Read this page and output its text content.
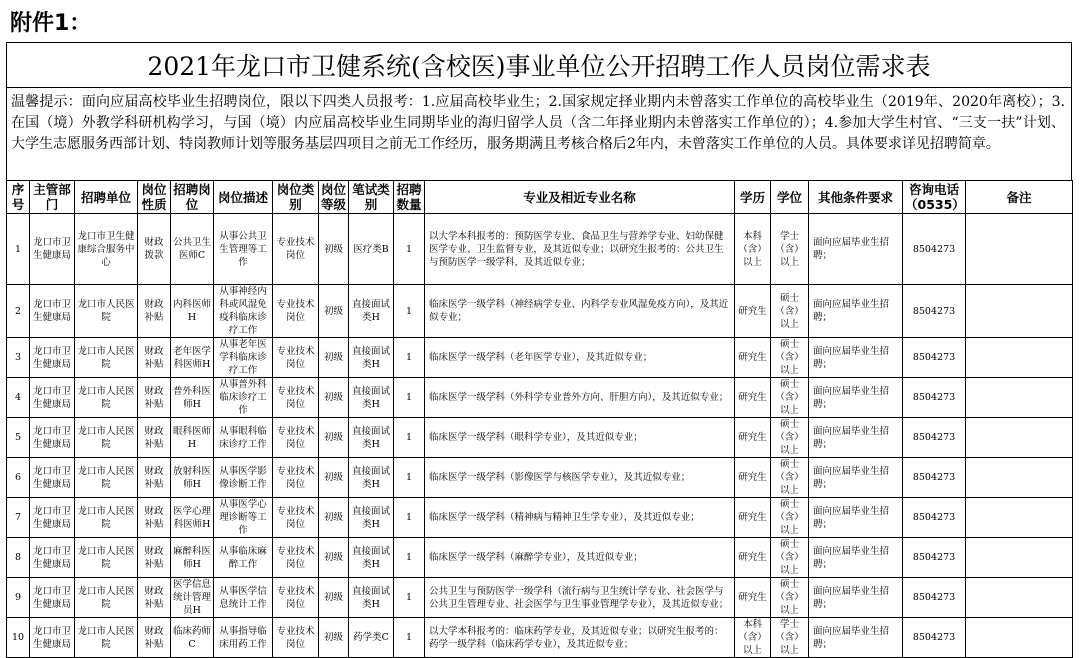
附件1：
2021年龙口市卫健系统(含校医)事业单位公开招聘工作人员岗位需求表
温馨提示：面向应届高校毕业生招聘岗位，限以下四类人员报考：1.应届高校毕业生；2.国家规定择业期内未曾落实工作单位的高校毕业生（2019年、2020年离校）；3.在国（境）外教学科研机构学习，与国（境）内应届高校毕业生同期毕业的海归留学人员（含二年择业期内未曾落实工作单位的）；4.参加大学生村官、“三支一扶”计划、大学生志愿服务西部计划、特岗教师计划等服务基层四项目之前无工作经历，服务期满且考核合格后2年内，未曾落实工作单位的人员。具体要求详见招聘简章。
序号	主管部门	招聘单位	岗位性质	招聘岗位	岗位描述	岗位类别	岗位等级	笔试类别	招聘数量	专业及相近专业名称	学历	学位	其他条件要求	咨询电话（0535）	备注
1	龙口市卫生健康局	龙口市卫生健康综合服务中心	财政拨款	公共卫生医师C	从事公共卫生管理等工作	专业技术岗位	初级	医疗类B	1	以大学本科报考的：预防医学专业、食品卫生与营养学专业、妇幼保健医学专业、卫生监督专业，及其近似专业；以研究生报考的：公共卫生与预防医学一级学科，及其近似专业；	本科（含）以上	学士（含）以上	面向应届毕业生招聘；	8504273	
2	龙口市卫生健康局	龙口市人民医院	财政补贴	内科医师H	从事神经内科或风湿免疫科临床诊疗工作	专业技术岗位	初级	直接面试类H	1	临床医学一级学科（神经病学专业、内科学专业风湿免疫方向），及其近似专业；	研究生	硕士（含）以上	面向应届毕业生招聘；	8504273	
3	龙口市卫生健康局	龙口市人民医院	财政补贴	老年医学科医师H	从事老年医学科临床诊疗工作	专业技术岗位	初级	直接面试类H	1	临床医学一级学科（老年医学专业），及其近似专业；	研究生	硕士（含）以上	面向应届毕业生招聘；	8504273	
4	龙口市卫生健康局	龙口市人民医院	财政补贴	普外科医师H	从事普外科临床诊疗工作	专业技术岗位	初级	直接面试类H	1	临床医学一级学科（外科学专业普外方向、肝胆方向），及其近似专业；	研究生	硕士（含）以上	面向应届毕业生招聘；	8504273	
5	龙口市卫生健康局	龙口市人民医院	财政补贴	眼科医师H	从事眼科临床诊疗工作	专业技术岗位	初级	直接面试类H	1	临床医学一级学科（眼科学专业），及其近似专业；	研究生	硕士（含）以上	面向应届毕业生招聘；	8504273	
6	龙口市卫生健康局	龙口市人民医院	财政补贴	放射科医师H	从事医学影像诊断工作	专业技术岗位	初级	直接面试类H	1	临床医学一级学科（影像医学与核医学专业），及其近似专业；	研究生	硕士（含）以上	面向应届毕业生招聘；	8504273	
7	龙口市卫生健康局	龙口市人民医院	财政补贴	医学心理科医师H	从事医学心理诊断等工作	专业技术岗位	初级	直接面试类H	1	临床医学一级学科（精神病与精神卫生学专业），及其近似专业；	研究生	硕士（含）以上	面向应届毕业生招聘；	8504273	
8	龙口市卫生健康局	龙口市人民医院	财政补贴	麻醉科医师H	从事临床麻醉工作	专业技术岗位	初级	直接面试类H	1	临床医学一级学科（麻醉学专业），及其近似专业；	研究生	硕士（含）以上	面向应届毕业生招聘；	8504273	
9	龙口市卫生健康局	龙口市人民医院	财政补贴	医学信息统计管理员H	从事医学信息统计工作	专业技术岗位	初级	直接面试类H	1	公共卫生与预防医学一级学科（流行病与卫生统计学专业、社会医学与公共卫生管理专业、社会医学与卫生事业管理学专业），及其近似专业；	研究生	硕士（含）以上	面向应届毕业生招聘；	8504273	
10	龙口市卫生健康局	龙口市人民医院	财政补贴	临床药师C	从事指导临床用药工作	专业技术岗位	初级	药学类C	1	以大学本科报考的：临床药学专业，及其近似专业；以研究生报考的：药学一级学科（临床药学专业），及其近似专业；	本科（含）以上	学士（含）以上	面向应届毕业生招聘；	8504273	
